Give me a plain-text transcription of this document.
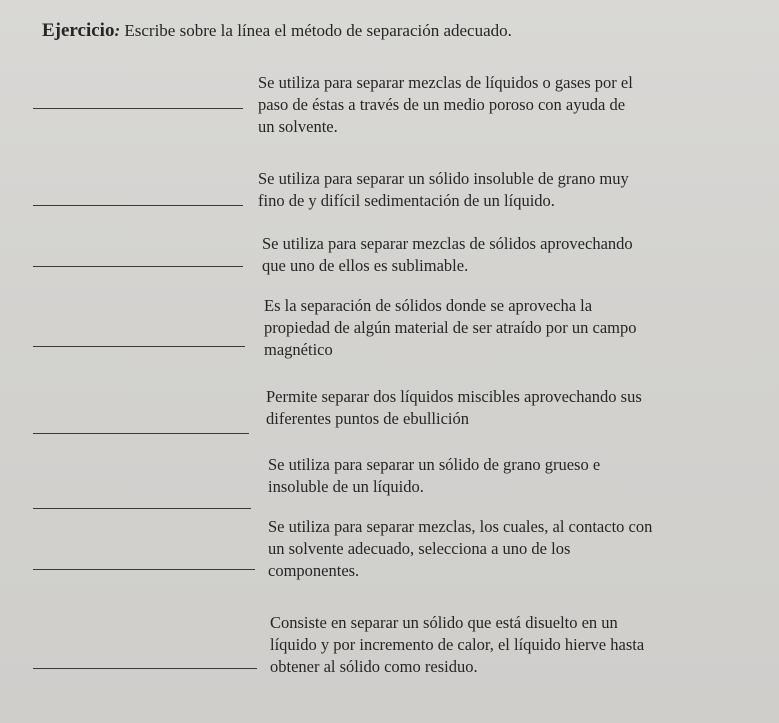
Ejercicio: Escribe sobre la línea el método de separación adecuado.
Se utiliza para separar mezclas de líquidos o gases por el
paso de éstas a través de un medio poroso con ayuda de
un solvente.
Se utiliza para separar un sólido insoluble de grano muy
fino de y difícil sedimentación de un líquido.
Se utiliza para separar mezclas de sólidos aprovechando
que uno de ellos es sublimable.
Es la separación de sólidos donde se aprovecha la
propiedad de algún material de ser atraído por un campo
magnético
Permite separar dos líquidos miscibles aprovechando sus
diferentes puntos de ebullición
Se utiliza para separar un sólido de grano grueso e
insoluble de un líquido.
Se utiliza para separar mezclas, los cuales, al contacto con
un solvente adecuado, selecciona a uno de los
componentes.
Consiste en separar un sólido que está disuelto en un
líquido y por incremento de calor, el líquido hierve hasta
obtener al sólido como residuo.
